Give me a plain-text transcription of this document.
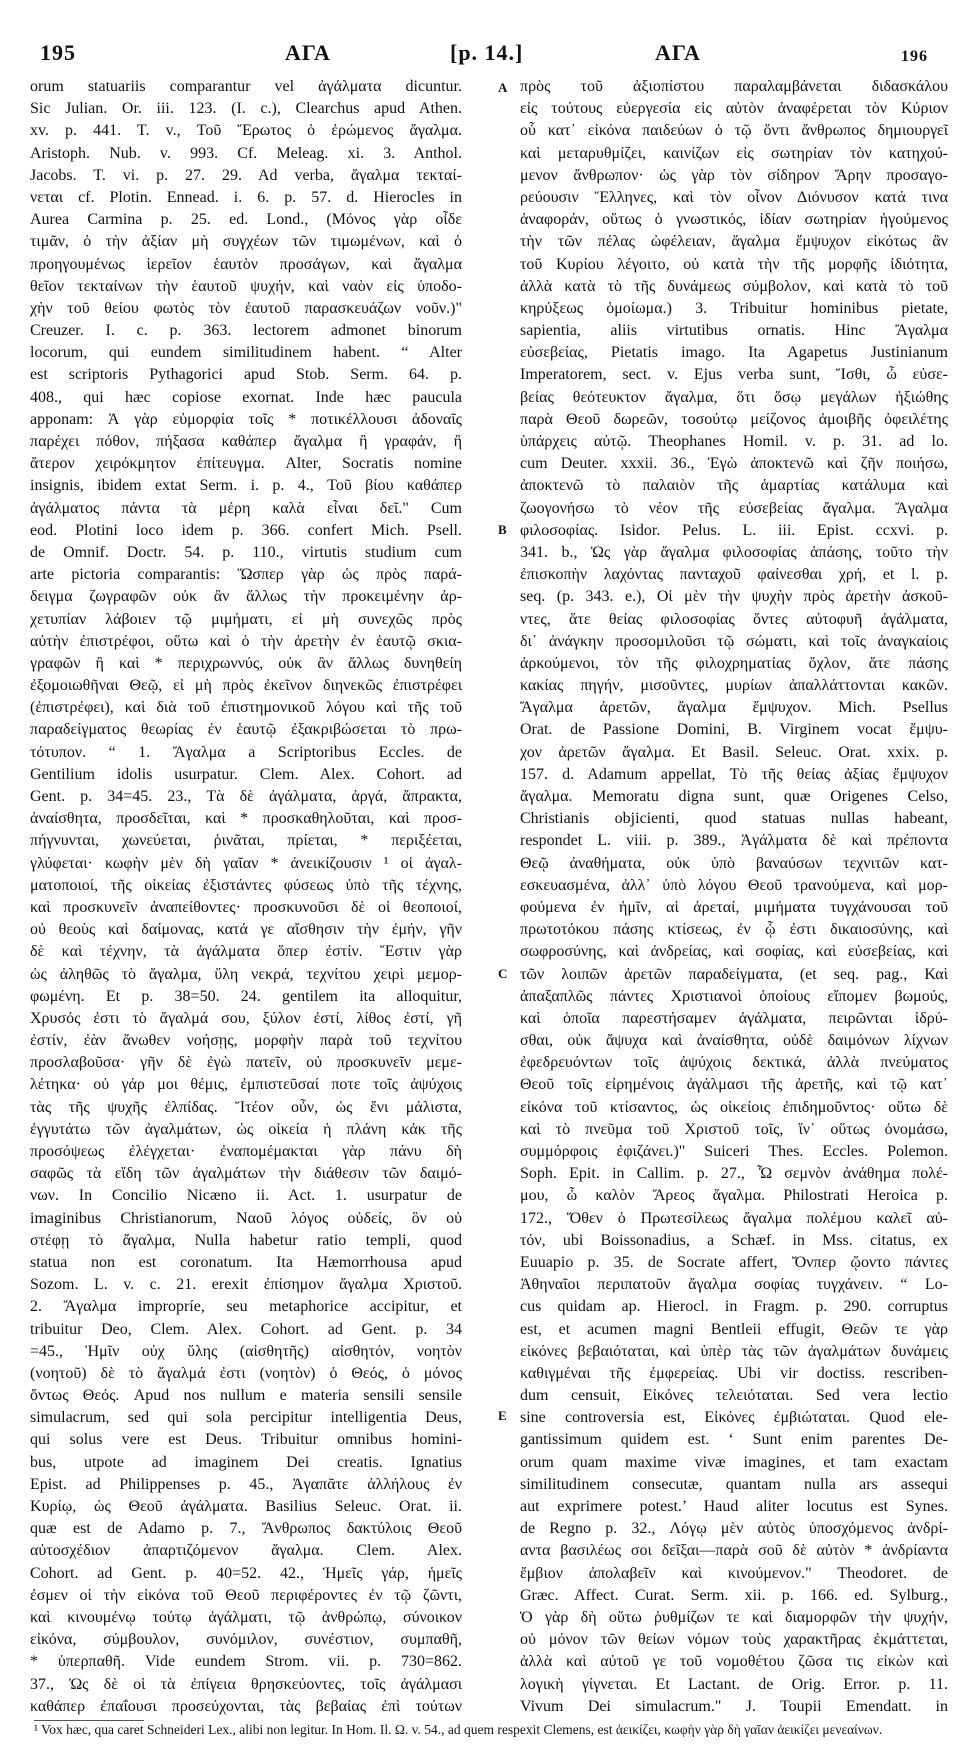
195	ΑΓΑ	[p. 14.]	ΑΓΑ	196
A
B
C
E
orum statuariis comparantur vel ἀγάλματα dicuntur.
Sic Julian. Or. iii. 123. (I. c.), Clearchus apud Athen.
xv. p. 441. T. v., Τοῦ Ἔρωτος ὁ ἐρώμενος ἄγαλμα.
Aristoph. Nub. v. 993. Cf. Meleag. xi. 3. Anthol.
Jacobs. T. vi. p. 27. 29. Ad verba, ἄγαλμα τεκταί-
νεται cf. Plotin. Ennead. i. 6. p. 57. d. Hierocles in
Aurea Carmina p. 25. ed. Lond., (Μόνος γὰρ οἶδε
τιμᾶν, ὁ τὴν ἀξίαν μὴ συγχέων τῶν τιμωμένων, καὶ ὁ
προηγουμένως ἱερεῖον ἑαυτὸν προσάγων, καὶ ἄγαλμα
θεῖον τεκταίνων τὴν ἑαυτοῦ ψυχήν, καὶ ναὸν εἰς ὑποδο-
χὴν τοῦ θείου φωτὸς τὸν ἑαυτοῦ παρασκευάζων νοῦν.)"
Creuzer. I. c. p. 363. lectorem admonet binorum
locorum, qui eundem similitudinem habent. “ Alter
est scriptoris Pythagorici apud Stob. Serm. 64. p.
408., qui hæc copiose exornat. Inde hæc paucula
apponam: Ἁ γὰρ εὐμορφία τοῖς * ποτικέλλουσι ἀδοναῖς
παρέχει πόθον, πήξασα καθάπερ ἄγαλμα ἢ γραφάν, ἢ
ἄτερον χειρόκμητον ἐπίτευγμα. Alter, Socratis nomine
insignis, ibidem extat Serm. i. p. 4., Τοῦ βίου καθάπερ
ἀγάλματος πάντα τὰ μέρη καλὰ εἶναι δεῖ." Cum
eod. Plotini loco idem p. 366. confert Mich. Psell.
de Omnif. Doctr. 54. p. 110., virtutis studium cum
arte pictoria comparantis: Ὥσπερ γὰρ ὡς πρὸς παρά-
δειγμα ζωγραφῶν οὐκ ἂν ἄλλως τὴν προκειμένην ἀρ-
χετυπίαν λάβοιεν τῷ μιμήματι, εἰ μὴ συνεχῶς πρὸς
αὐτὴν ἐπιστρέφοι, οὕτω καὶ ὁ τὴν ἀρετὴν ἐν ἑαυτῷ σκια-
γραφῶν ἢ καὶ * περιχρωννύς, οὐκ ἂν ἄλλως δυνηθείη
ἐξομοιωθῆναι Θεῷ, εἰ μὴ πρὸς ἐκεῖνον διηνεκῶς ἐπιστρέφει
(ἐπιστρέφει), καὶ διὰ τοῦ ἐπιστημονικοῦ λόγου καὶ τῆς τοῦ
παραδείγματος θεωρίας ἐν ἑαυτῷ ἐξακριβώσεται τὸ πρω-
τότυπον. “ 1. Ἄγαλμα a Scriptoribus Eccles. de
Gentilium idolis usurpatur. Clem. Alex. Cohort. ad
Gent. p. 34=45. 23., Τὰ δὲ ἀγάλματα, ἀργά, ἄπρακτα,
ἀναίσθητα, προσδεῖται, καὶ * προσκαθηλοῦται, καὶ προσ-
πήγνυνται, χωνεύεται, ῥινᾶται, πρίεται, * περιξέεται,
γλύφεται· κωφὴν μὲν δὴ γαῖαν * ἀνεικίζουσιν ¹ οἱ ἀγαλ-
ματοποιοί, τῆς οἰκείας ἐξιστάντες φύσεως ὑπὸ τῆς τέχνης,
καὶ προσκυνεῖν ἀναπείθοντες· προσκυνοῦσι δὲ οἱ θεοποιοί,
οὐ θεοὺς καὶ δαίμονας, κατά γε αἴσθησιν τὴν ἐμήν, γῆν
δὲ καὶ τέχνην, τὰ ἀγάλματα ὅπερ ἐστίν. Ἔστιν γὰρ
ὡς ἀληθῶς τὸ ἄγαλμα, ὕλη νεκρά, τεχνίτου χειρὶ μεμορ-
φωμένη. Et p. 38=50. 24. gentilem ita alloquitur,
Χρυσός ἐστι τὸ ἄγαλμά σου, ξύλον ἐστί, λίθος ἐστί, γῆ
ἐστίν, ἐὰν ἄνωθεν νοήσῃς, μορφὴν παρὰ τοῦ τεχνίτου
προσλαβοῦσα· γῆν δὲ ἐγὼ πατεῖν, οὐ προσκυνεῖν μεμε-
λέτηκα· οὐ γάρ μοι θέμις, ἐμπιστεῦσαί ποτε τοῖς ἀψύχοις
τὰς τῆς ψυχῆς ἐλπίδας. Ἴτέον οὖν, ὡς ἔνι μάλιστα,
ἐγγυτάτω τῶν ἀγαλμάτων, ὡς οἰκεία ἡ πλάνη κἀκ τῆς
προσόψεως ἐλέγχεται· ἐναπομέμακται γὰρ πάνυ δὴ
σαφῶς τὰ εἴδη τῶν ἀγαλμάτων τὴν διάθεσιν τῶν δαιμό-
νων. In Concilio Nicæno ii. Act. 1. usurpatur de
imaginibus Christianorum, Ναοῦ λόγος οὐδείς, ὃν οὐ
στέφῃ τὸ ἄγαλμα, Nulla habetur ratio templi, quod
statua non est coronatum. Ita Hæmorrhousa apud
Sozom. L. v. c. 21. erexit ἐπίσημον ἄγαλμα Χριστοῦ.
2. Ἄγαλμα impropríe, seu metaphorice accipitur, et
tribuitur Deo, Clem. Alex. Cohort. ad Gent. p. 34
=45., Ἡμῖν οὐχ ὕλης (αἰσθητῆς) αἰσθητόν, νοητὸν
(νοητοῦ) δὲ τὸ ἄγαλμά ἐστι (νοητὸν) ὁ Θεός, ὁ μόνος
ὄντως Θεός. Apud nos nullum e materia sensili sensile
simulacrum, sed qui sola percipitur intelligentia Deus,
qui solus vere est Deus. Tribuitur omnibus homini-
bus, utpote ad imaginem Dei creatis. Ignatius
Epist. ad Philippenses p. 45., Ἀγαπᾶτε ἀλλήλους ἐν
Κυρίῳ, ὡς Θεοῦ ἀγάλματα. Basilius Seleuc. Orat. ii.
quæ est de Adamo p. 7., Ἄνθρωπος δακτύλοις Θεοῦ
αὐτοσχέδιον ἀπαρτιζόμενον ἄγαλμα. Clem. Alex.
Cohort. ad Gent. p. 40=52. 42., Ἡμεῖς γάρ, ἡμεῖς
ἐσμεν οἱ τὴν εἰκόνα τοῦ Θεοῦ περιφέροντες ἐν τῷ ζῶντι,
καὶ κινουμένῳ τούτῳ ἀγάλματι, τῷ ἀνθρώπῳ, σύνοικον
εἰκόνα, σύμβουλον, συνόμιλον, συνέστιον, συμπαθῆ,
* ὑπερπαθῆ. Vide eundem Strom. vii. p. 730=862.
37., Ὡς δὲ οἱ τὰ ἐπίγεια θρησκεύοντες, τοῖς ἀγάλμασι
καθάπερ ἐπαΐουσι προσεύχονται, τὰς βεβαίας ἐπὶ τούτων
πρὸς τοῦ ἀξιοπίστου παραλαμβάνεται διδασκάλου
εἰς τούτους εὐεργεσία εἰς αὐτὸν ἀναφέρεται τὸν Κύριον
οὗ κατ᾽ εἰκόνα παιδεύων ὁ τῷ ὄντι ἄνθρωπος δημιουργεῖ
καὶ μεταρυθμίζει, καινίζων εἰς σωτηρίαν τὸν κατηχού-
μενον ἄνθρωπον· ὡς γὰρ τὸν σίδηρον Ἄρην προσαγο-
ρεύουσιν Ἕλληνες, καὶ τὸν οἶνον Διόνυσον κατά τινα
ἀναφοράν, οὕτως ὁ γνωστικός, ἰδίαν σωτηρίαν ἡγούμενος
τὴν τῶν πέλας ὠφέλειαν, ἄγαλμα ἔμψυχον εἰκότως ἂν
τοῦ Κυρίου λέγοιτο, οὐ κατὰ τὴν τῆς μορφῆς ἰδιότητα,
ἀλλὰ κατὰ τὸ τῆς δυνάμεως σύμβολον, καὶ κατὰ τὸ τοῦ
κηρύξεως ὁμοίωμα.) 3. Tribuitur hominibus pietate,
sapientia, aliis virtutibus ornatis. Hinc Ἄγαλμα
εὐσεβείας, Pietatis imago. Ita Agapetus Justinianum
Imperatorem, sect. v. Ejus verba sunt, Ἴσθι, ὦ εὐσε-
βείας θεότευκτον ἄγαλμα, ὅτι ὅσῳ μεγάλων ἠξιώθης
παρὰ Θεοῦ δωρεῶν, τοσούτῳ μείζονος ἀμοιβῆς ὀφειλέτης
ὑπάρχεις αὐτῷ. Theophanes Homil. v. p. 31. ad lo.
cum Deuter. xxxii. 36., Ἐγὼ ἀποκτενῶ καὶ ζῆν ποιήσω,
ἀποκτενῶ τὸ παλαιὸν τῆς ἁμαρτίας κατάλυμα καὶ
ζωογονήσω τὸ νέον τῆς εὐσεβείας ἄγαλμα. Ἄγαλμα
φιλοσοφίας. Isidor. Pelus. L. iii. Epist. ccxvi. p.
341. b., Ὡς γὰρ ἄγαλμα φιλοσοφίας ἁπάσης, τοῦτο τὴν
ἐπισκοπὴν λαχόντας πανταχοῦ φαίνεσθαι χρή, et l. p.
seq. (p. 343. e.), Οἱ μὲν τὴν ψυχὴν πρὸς ἀρετὴν ἀσκοῦ-
ντες, ἅτε θείας φιλοσοφίας ὄντες αὐτοφυῆ ἀγάλματα,
δι᾽ ἀνάγκην προσομιλοῦσι τῷ σώματι, καὶ τοῖς ἀναγκαίοις
ἀρκούμενοι, τὸν τῆς φιλοχρηματίας ὄχλον, ἅτε πάσης
κακίας πηγήν, μισοῦντες, μυρίων ἀπαλλάττονται κακῶν.
Ἄγαλμα ἀρετῶν, ἄγαλμα ἔμψυχον. Mich. Psellus
Orat. de Passione Domini, B. Virginem vocat ἔμψυ-
χον ἀρετῶν ἄγαλμα. Et Basil. Seleuc. Orat. xxix. p.
157. d. Adamum appellat, Τὸ τῆς θείας ἀξίας ἔμψυχον
ἄγαλμα. Memoratu digna sunt, quæ Origenes Celso,
Christianis objicienti, quod statuas nullas habeant,
respondet L. viii. p. 389., Ἀγάλματα δὲ καὶ πρέποντα
Θεῷ ἀναθήματα, οὐκ ὑπὸ βαναύσων τεχνιτῶν κατ-
εσκευασμένα, ἀλλ᾽ ὑπὸ λόγου Θεοῦ τρανούμενα, καὶ μορ-
φούμενα ἐν ἡμῖν, αἱ ἀρεταί, μιμήματα τυγχάνουσαι τοῦ
πρωτοτόκου πάσης κτίσεως, ἐν ᾧ ἐστι δικαιοσύνης, καὶ
σωφροσύνης, καὶ ἀνδρείας, καὶ σοφίας, καὶ εὐσεβείας, καὶ
τῶν λοιπῶν ἀρετῶν παραδείγματα, (et seq. pag., Καὶ
ἀπαξαπλῶς πάντες Χριστιανοὶ ὁποίους εἴπομεν βωμούς,
καὶ ὁποῖα παρεστήσαμεν ἀγάλματα, πειρῶνται ἱδρύ-
σθαι, οὐκ ἄψυχα καὶ ἀναίσθητα, οὐδὲ δαιμόνων λίχνων
ἐφεδρευόντων τοῖς ἀψύχοις δεκτικά, ἀλλὰ πνεύματος
Θεοῦ τοῖς εἰρημένοις ἀγάλμασι τῆς ἀρετῆς, καὶ τῷ κατ᾽
εἰκόνα τοῦ κτίσαντος, ὡς οἰκείοις ἐπιδημοῦντος· οὕτω δὲ
καὶ τὸ πνεῦμα τοῦ Χριστοῦ τοῖς, ἵν᾽ οὕτως ὀνομάσω,
συμμόρφοις ἐφιζάνει.)" Suiceri Thes. Eccles. Polemon.
Soph. Epit. in Callim. p. 27., Ὦ σεμνὸν ἀνάθημα πολέ-
μου, ὦ καλὸν Ἄρεος ἄγαλμα. Philostrati Heroica p.
172., Ὅθεν ὁ Πρωτεσίλεως ἄγαλμα πολέμου καλεῖ αὐ-
τόν, ubi Boissonadius, a Schæf. in Mss. citatus, ex
Euuapio p. 35. de Socrate affert, Ὄνπερ ᾤοντο πάντες
Ἀθηναῖοι περιπατοῦν ἄγαλμα σοφίας τυγχάνειν. “ Lo-
cus quidam ap. Hierocl. in Fragm. p. 290. corruptus
est, et acumen magni Bentleii effugit, Θεῶν τε γὰρ
εἰκόνες βεβαιόταται, καὶ ὑπὲρ τὰς τῶν ἀγαλμάτων δυνάμεις
καθιγμέναι τῆς ἐμφερείας. Ubi vir doctiss. rescriben-
dum censuit, Εἰκόνες τελειόταται. Sed vera lectio
sine controversia est, Εἰκόνες ἐμβιώταται. Quod ele-
gantissimum quidem est. ‘ Sunt enim parentes De-
orum quam maxime vivæ imagines, et tam exactam
similitudinem consecutæ, quantam nulla ars assequi
aut exprimere potest.’ Haud aliter locutus est Synes.
de Regno p. 32., Λόγῳ μὲν αὐτὸς ὑποσχόμενος ἀνδρί-
αντα βασιλέως σοι δεῖξαι—παρὰ σοῦ δὲ αὐτὸν * ἀνδρίαντα
ἔμβιον ἀπολαβεῖν καὶ κινούμενον." Theodoret. de
Græc. Affect. Curat. Serm. xii. p. 166. ed. Sylburg.,
Ὁ γὰρ δὴ οὕτω ῥυθμίζων τε καὶ διαμορφῶν τὴν ψυχήν,
οὐ μόνον τῶν θείων νόμων τοὺς χαρακτῆρας ἐκμάττεται,
ἀλλὰ καὶ αὐτοῦ γε τοῦ νομοθέτου ζῶσα τις εἰκὼν καὶ
λογικὴ γίγνεται. Et Lactant. de Orig. Error. p. 11.
Vivum Dei simulacrum." J. Toupii Emendatt. in
¹ Vox hæc, qua caret Schneideri Lex., alibi non legitur. In Hom. Il. Ω. v. 54., ad quem respexit Clemens, est ἀεικίζει, κωφὴν γὰρ δὴ γαῖαν ἀεικίζει μενεαίνων.
